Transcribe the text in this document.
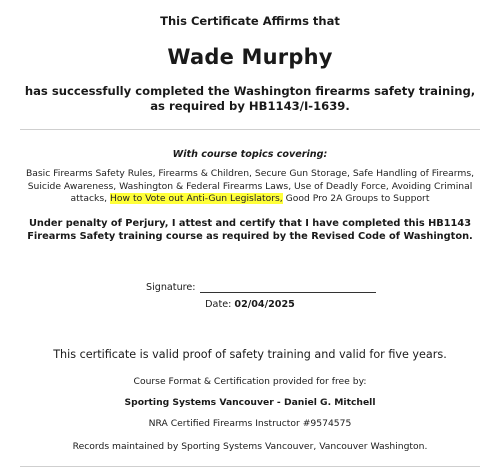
This Certificate Affirms that
Wade Murphy
has successfully completed the Washington firearms safety training, as required by HB1143/I-1639.
With course topics covering:
Basic Firearms Safety Rules, Firearms & Children, Secure Gun Storage, Safe Handling of Firearms, Suicide Awareness, Washington & Federal Firearms Laws, Use of Deadly Force, Avoiding Criminal attacks, How to Vote out Anti-Gun Legislators, Good Pro 2A Groups to Support
Under penalty of Perjury, I attest and certify that I have completed this HB1143 Firearms Safety training course as required by the Revised Code of Washington.
Signature:
Date: 02/04/2025
This certificate is valid proof of safety training and valid for five years.
Course Format & Certification provided for free by:
Sporting Systems Vancouver - Daniel G. Mitchell
NRA Certified Firearms Instructor #9574575
Records maintained by Sporting Systems Vancouver, Vancouver Washington.
